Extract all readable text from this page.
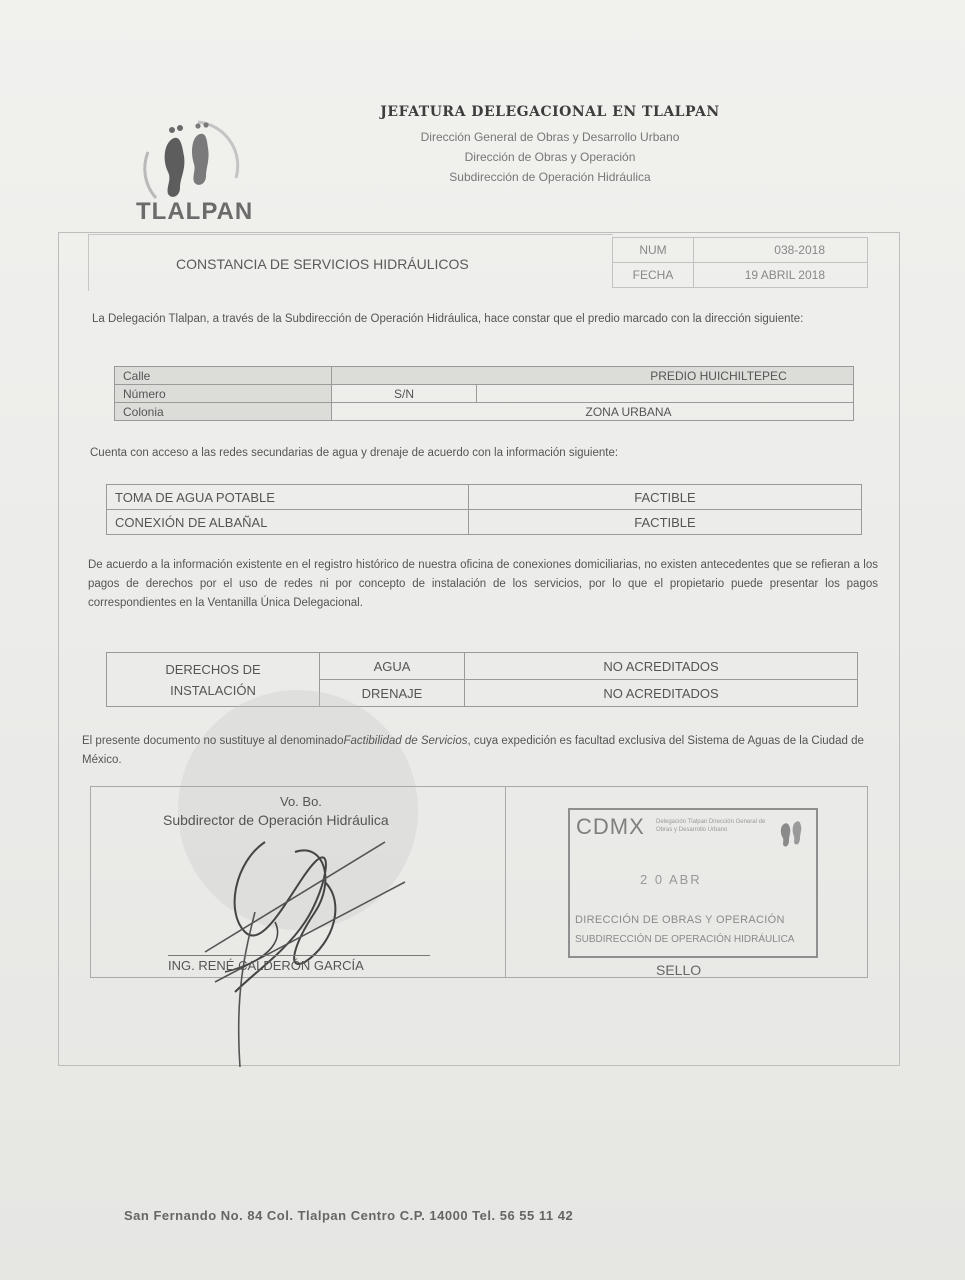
TLALPAN
JEFATURA DELEGACIONAL EN TLALPAN
Dirección General de Obras y Desarrollo Urbano
Dirección de Obras y Operación
Subdirección de Operación Hidráulica
CONSTANCIA DE SERVICIOS HIDRÁULICOS
NUM	038-2018
FECHA	19 ABRIL 2018
La Delegación Tlalpan, a través de la Subdirección de Operación Hidráulica, hace constar que el predio marcado con la dirección siguiente:
Calle	PREDIO HUICHILTEPEC	
Número	S/N	
Colonia	ZONA URBANA	
Cuenta con acceso a las redes secundarias de agua y drenaje de acuerdo con la información siguiente:
TOMA DE AGUA POTABLE	FACTIBLE
CONEXIÓN DE ALBAÑAL	FACTIBLE
De acuerdo a la información existente en el registro histórico de nuestra oficina de conexiones domiciliarias, no existen antecedentes que se refieran a los pagos de derechos por el uso de redes ni por concepto de instalación de los servicios, por lo que el propietario puede presentar los pagos correspondientes en la Ventanilla Única Delegacional.
DERECHOS DE
INSTALACIÓN	AGUA	NO ACREDITADOS
	DRENAJE	NO ACREDITADOS
El presente documento no sustituye al denominadoFactibilidad de Servicios, cuya expedición es facultad exclusiva del Sistema de Aguas de la Ciudad de México.
Vo. Bo.
Subdirector de Operación Hidráulica
ING. RENÉ CALDERÓN GARCÍA
CDMX Delegación Tlalpan Dirección General de Obras y Desarrollo Urbano
2 0 ABR
DIRECCIÓN DE OBRAS Y OPERACIÓN
SUBDIRECCIÓN DE OPERACIÓN HIDRÁULICA
SELLO
San Fernando No. 84 Col. Tlalpan Centro C.P. 14000 Tel. 56 55 11 42
